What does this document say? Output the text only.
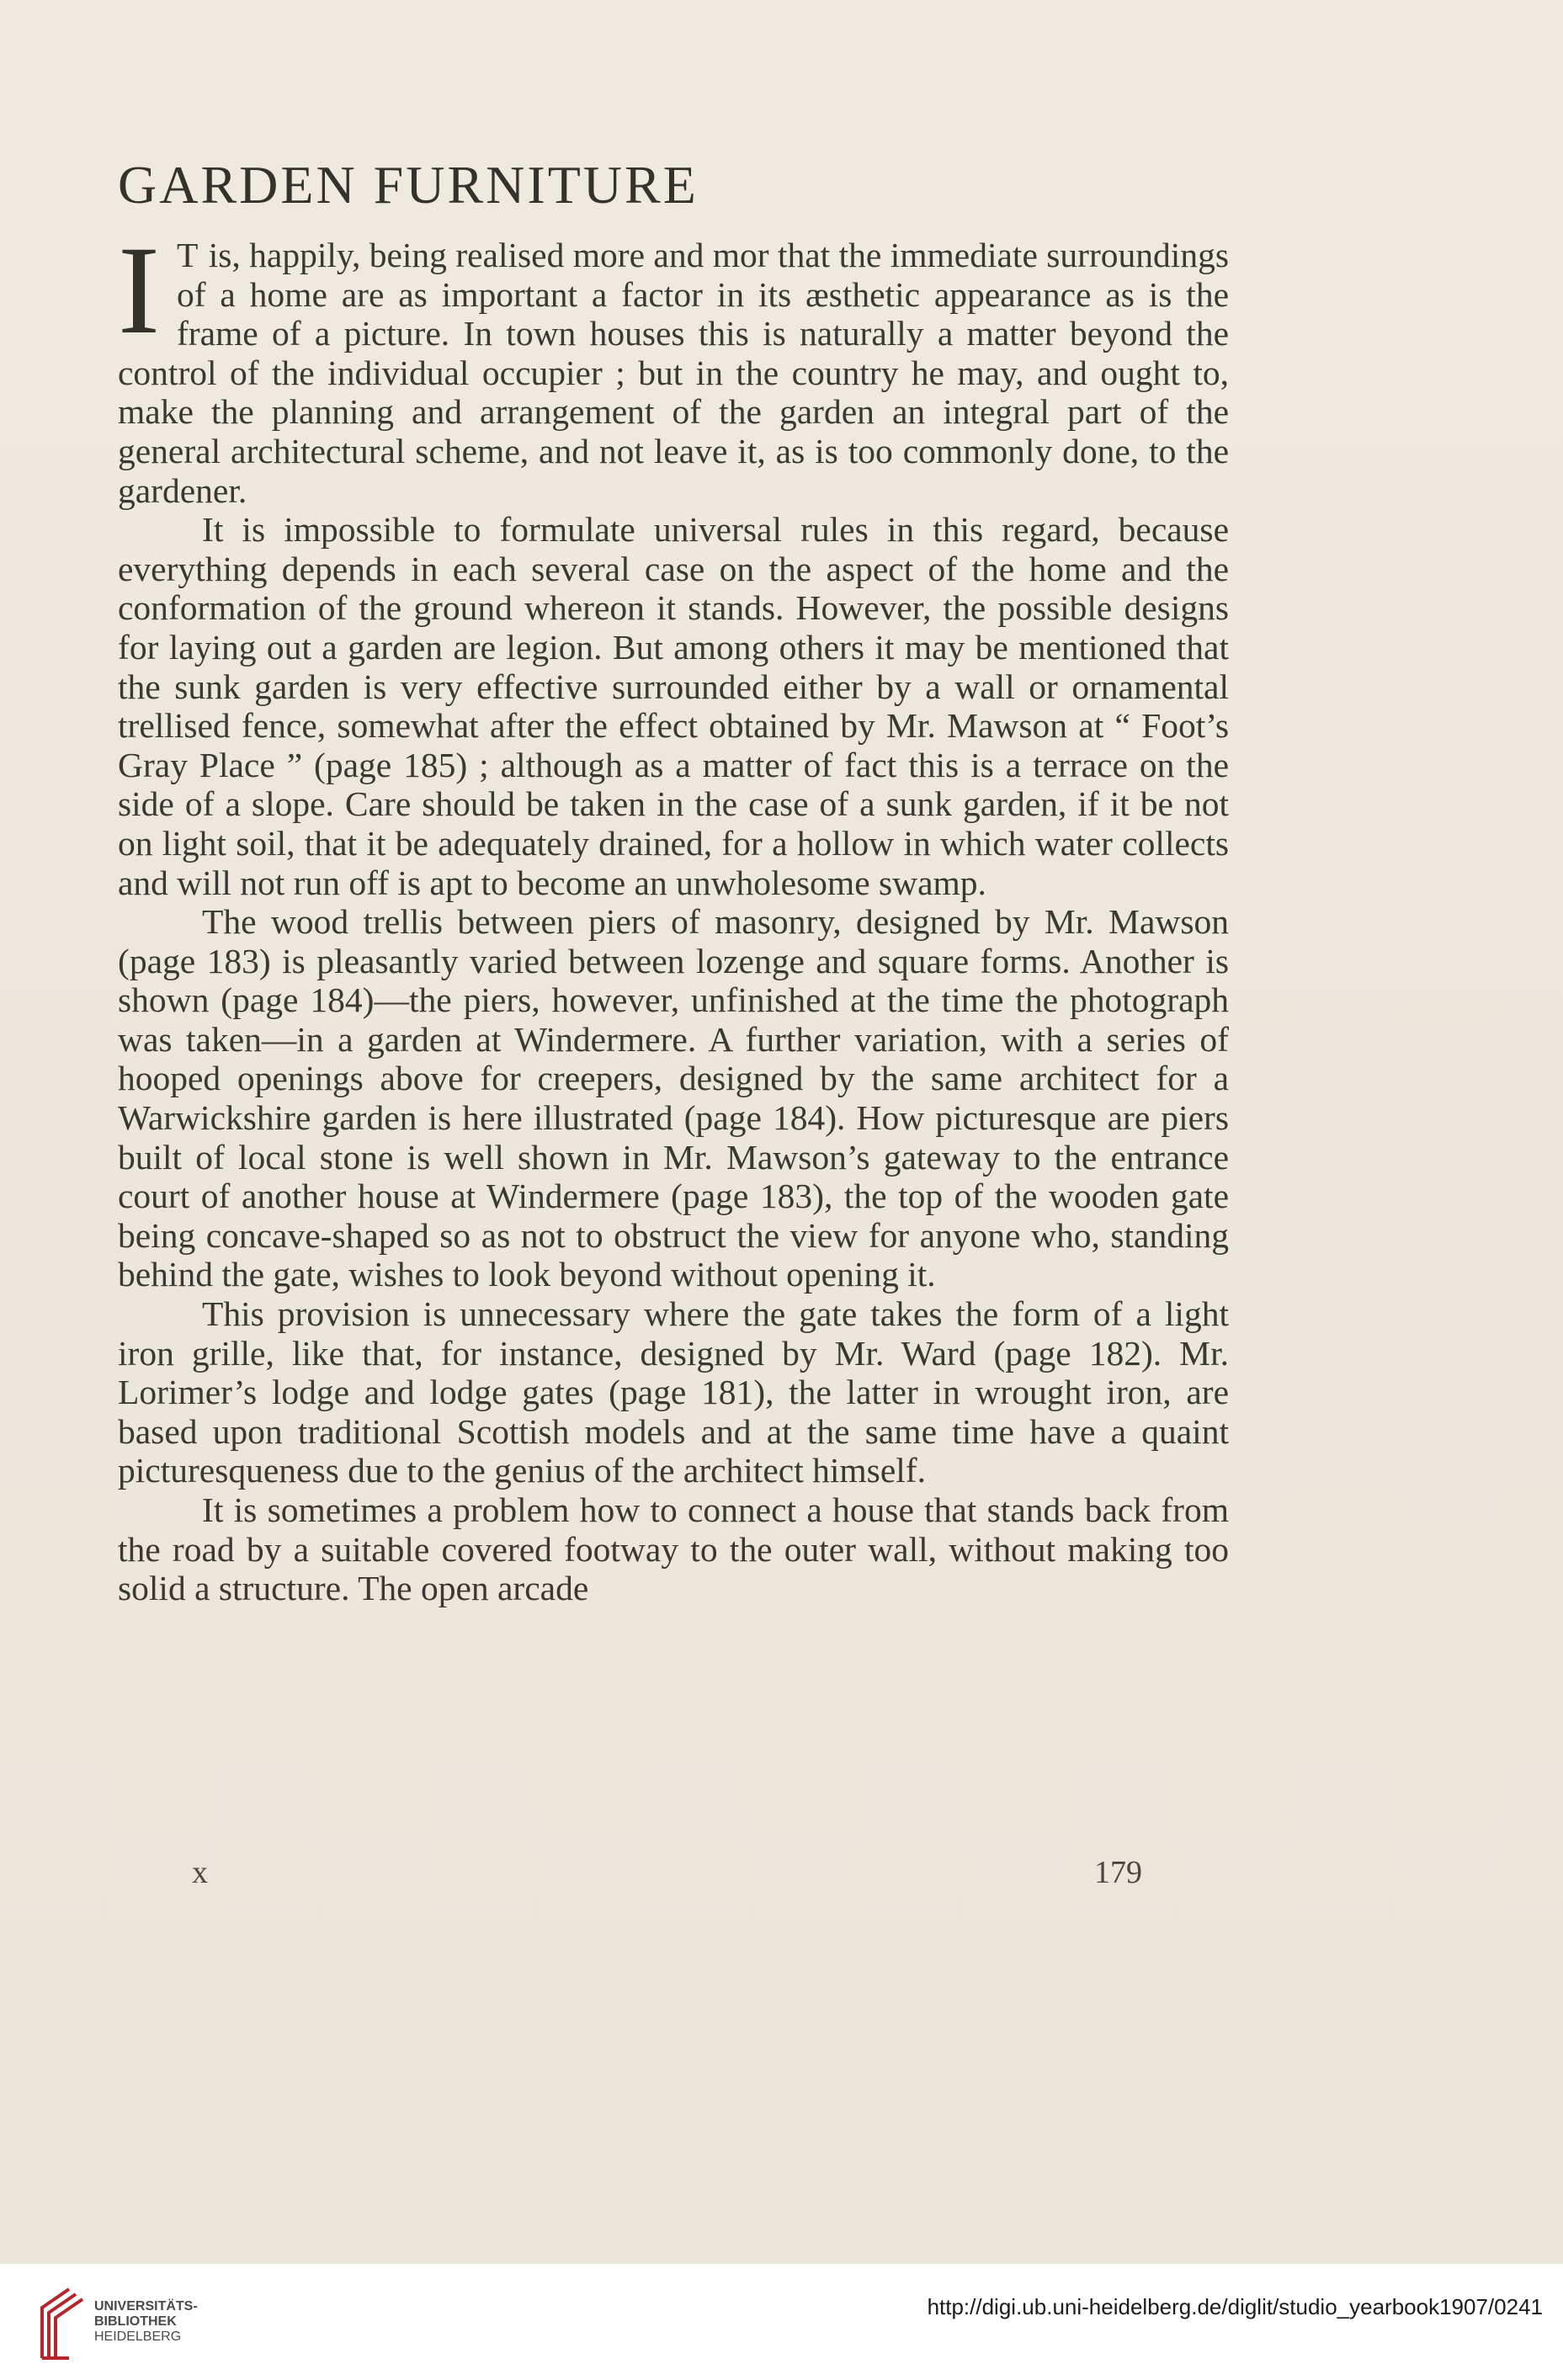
GARDEN FURNITURE

I T is, happily, being realised more and mor that the immediate surroundings of a home are as important a factor in its æsthetic appearance as is the frame of a picture. In town houses this is naturally a matter beyond the control of the individual occupier ; but in the country he may, and ought to, make the planning and arrangement of the garden an integral part of the general architectural scheme, and not leave it, as is too commonly done, to the gardener.

It is impossible to formulate universal rules in this regard, because everything depends in each several case on the aspect of the home and the conformation of the ground whereon it stands. However, the possible designs for laying out a garden are legion. But among others it may be mentioned that the sunk garden is very effective surrounded either by a wall or ornamental trellised fence, somewhat after the effect obtained by Mr. Mawson at “ Foot’s Gray Place ” (page 185) ; although as a matter of fact this is a terrace on the side of a slope. Care should be taken in the case of a sunk garden, if it be not on light soil, that it be adequately drained, for a hollow in which water collects and will not run off is apt to become an unwholesome swamp.

The wood trellis between piers of masonry, designed by Mr. Mawson (page 183) is pleasantly varied between lozenge and square forms. Another is shown (page 184)—the piers, however, unfinished at the time the photograph was taken—in a garden at Windermere. A further variation, with a series of hooped openings above for creepers, designed by the same architect for a Warwickshire garden is here illustrated (page 184). How picturesque are piers built of local stone is well shown in Mr. Mawson’s gateway to the entrance court of another house at Windermere (page 183), the top of the wooden gate being concave-shaped so as not to obstruct the view for anyone who, standing behind the gate, wishes to look beyond without opening it.

This provision is unnecessary where the gate takes the form of a light iron grille, like that, for instance, designed by Mr. Ward (page 182). Mr. Lorimer’s lodge and lodge gates (page 181), the latter in wrought iron, are based upon traditional Scottish models and at the same time have a quaint picturesqueness due to the genius of the architect himself.

It is sometimes a problem how to connect a house that stands back from the road by a suitable covered footway to the outer wall, without making too solid a structure. The open arcade

x	179
UNIVERSITÄTS-
BIBLIOTHEK
HEIDELBERG
http://digi.ub.uni-heidelberg.de/diglit/studio_yearbook1907/0241
